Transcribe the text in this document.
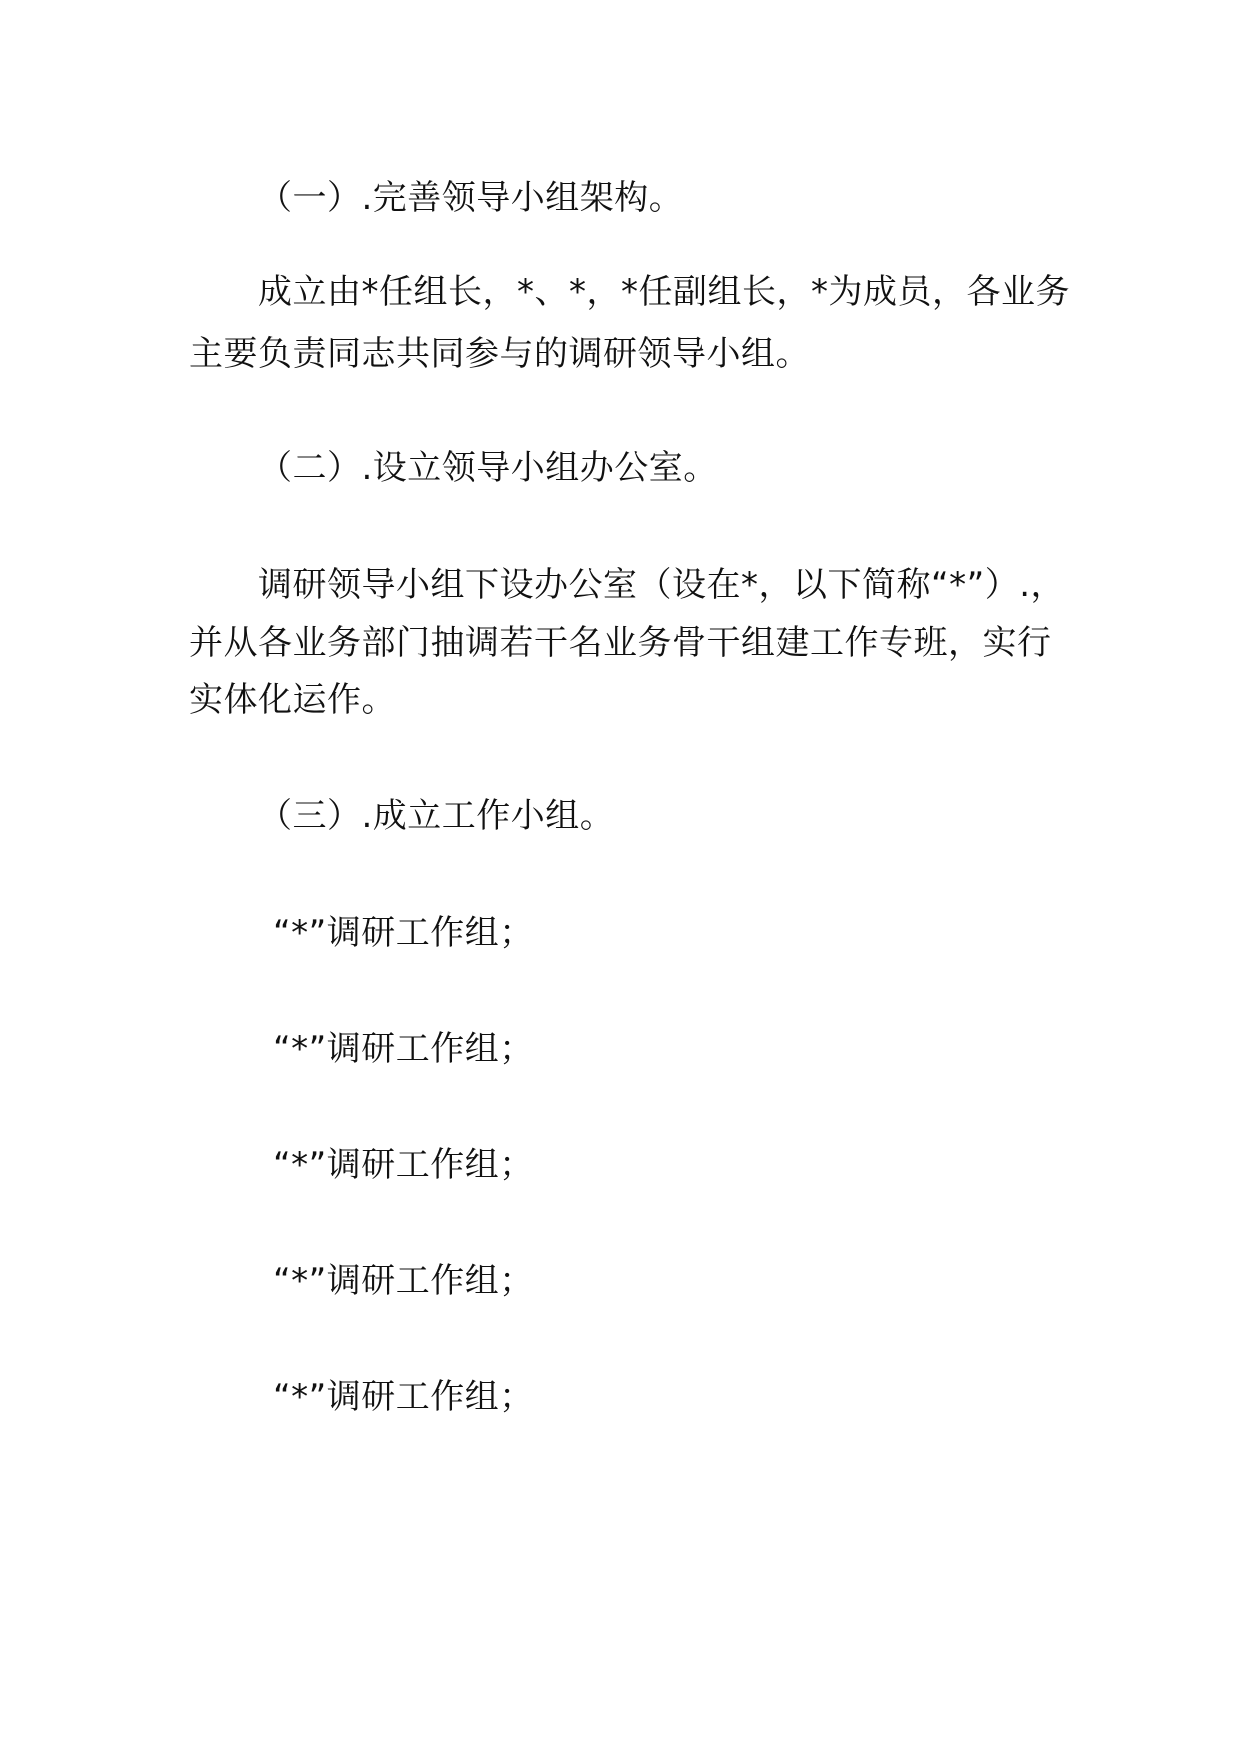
（一）.完善领导小组架构。
成立由*任组长，*、*，*任副组长，*为成员，各业务
主要负责同志共同参与的调研领导小组。
（二）.设立领导小组办公室。
调研领导小组下设办公室（设在*，以下简称“*”）.，
并从各业务部门抽调若干名业务骨干组建工作专班，实行
实体化运作。
（三）.成立工作小组。
“*”调研工作组；
“*”调研工作组；
“*”调研工作组；
“*”调研工作组；
“*”调研工作组；
